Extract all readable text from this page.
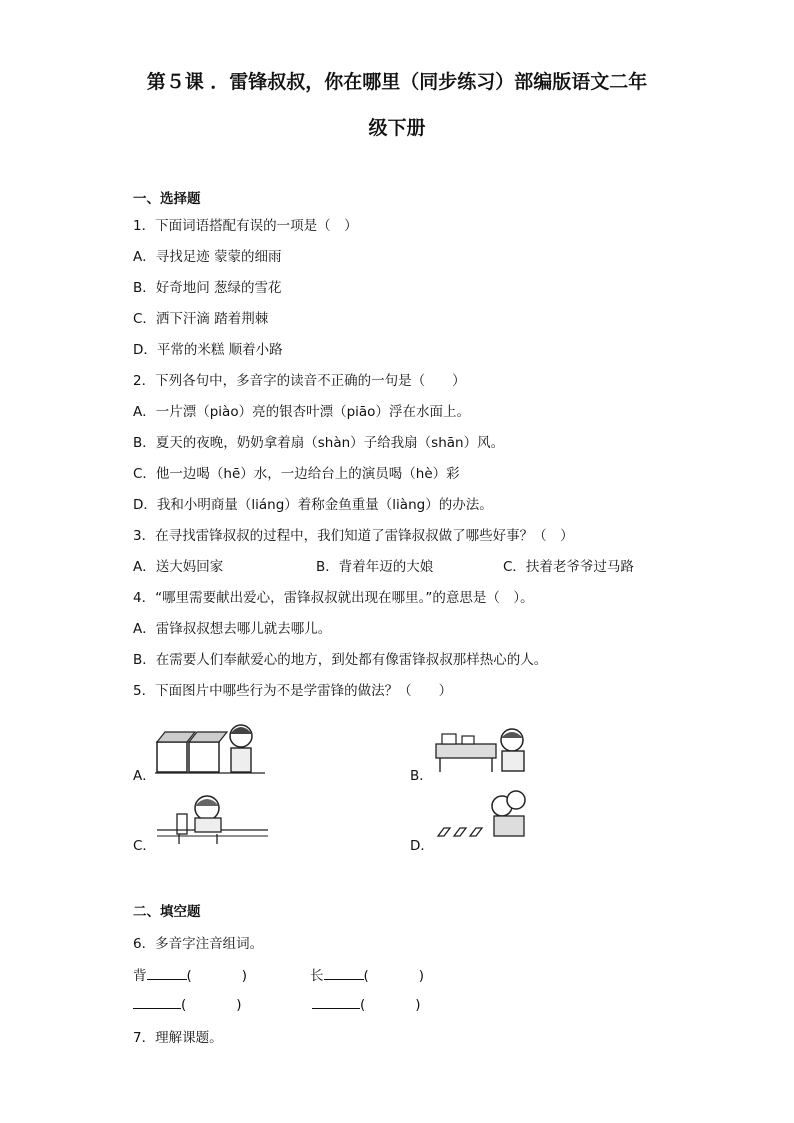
第５课 ．雷锋叔叔，你在哪里（同步练习）部编版语文二年
级下册
一、选择题
1．下面词语搭配有误的一项是（　）
A．寻找足迹 蒙蒙的细雨
B．好奇地问 葱绿的雪花
C．洒下汗滴 踏着荆棘
D．平常的米糕 顺着小路
2．下列各句中，多音字的读音不正确的一句是（　　）
A．一片漂（piào）亮的银杏叶漂（piāo）浮在水面上。
B．夏天的夜晚，奶奶拿着扇（shàn）子给我扇（shān）风。
C．他一边喝（hē）水，一边给台上的演员喝（hè）彩
D．我和小明商量（liáng）着称金鱼重量（liàng）的办法。
3．在寻找雷锋叔叔的过程中，我们知道了雷锋叔叔做了哪些好事？（　）
A．送大妈回家	B．背着年迈的大娘	C．扶着老爷爷过马路
4．“哪里需要献出爱心，雷锋叔叔就出现在哪里。”的意思是（　）。
A．雷锋叔叔想去哪儿就去哪儿。
B．在需要人们奉献爱心的地方，到处都有像雷锋叔叔那样热心的人。
5．下面图片中哪些行为不是学雷锋的做法？（　　）
A．	B．
C．	D．
二、填空题
6．多音字注音组词。
背	(	)	长	(	)
(	)	(	)
7．理解课题。
